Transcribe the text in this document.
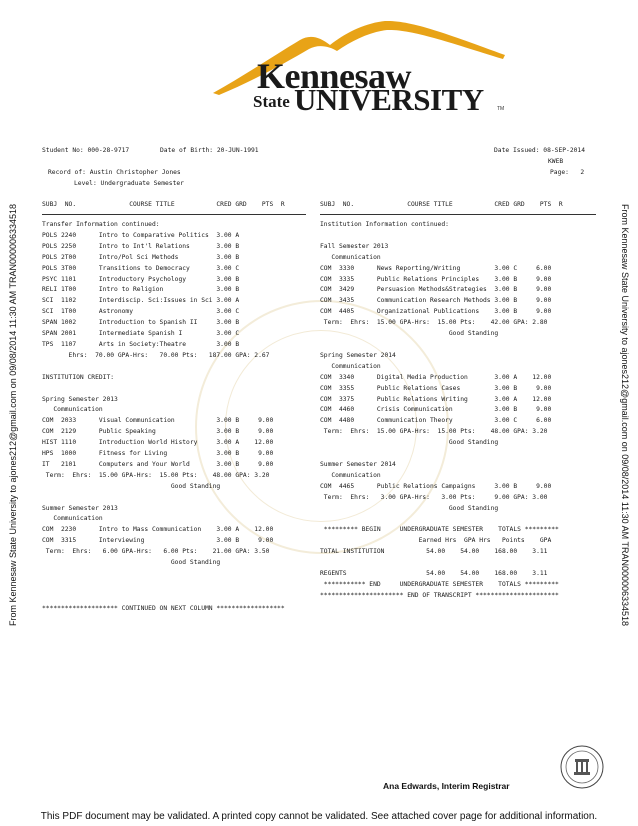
Kennesaw
State UNIVERSITY	TM
From Kennesaw State University to ajones212@gmail.com on 09/08/2014 11:30 AM TRAN000006334518	From Kennesaw State University to ajones212@gmail.com on 09/08/2014 11:30 AM TRAN000006334518
Student No: 000-28-9717	Date of Birth: 20-JUN-1991	Date Issued: 08-SEP-2014
KWEB
Record of: Austin Christopher Jones	Page:   2
Level: Undergraduate Semester
SUBJ  NO.              COURSE TITLE           CRED GRD    PTS  R	SUBJ  NO.              COURSE TITLE           CRED GRD    PTS  R
Transfer Information continued:
POLS 2240      Intro to Comparative Politics  3.00 A
POLS 2250      Intro to Int'l Relations       3.00 B
POLS 2T00      Intro/Pol Sci Methods          3.00 B
POLS 3T00      Transitions to Democracy       3.00 C
PSYC 1101      Introductory Psychology        3.00 B
RELI 1T00      Intro to Religion              3.00 B
SCI  1102      Interdiscip. Sci:Issues in Sci 3.00 A
SCI  1T00      Astronomy                      3.00 C
SPAN 1002      Introduction to Spanish II     3.00 B
SPAN 2001      Intermediate Spanish I         3.00 C
TPS  1107      Arts in Society:Theatre        3.00 B
Ehrs:  70.00 GPA-Hrs:   70.00 Pts:   187.00 GPA: 2.67

INSTITUTION CREDIT:

Spring Semester 2013
Communication
COM  2033      Visual Communication           3.00 B     9.00
COM  2129      Public Speaking                3.00 B     9.00
HIST 1110      Introduction World History     3.00 A    12.00
HPS  1000      Fitness for Living             3.00 B     9.00
IT   2101      Computers and Your World       3.00 B     9.00
Term:  Ehrs:  15.00 GPA-Hrs:  15.00 Pts:    48.00 GPA: 3.20
Good Standing

Summer Semester 2013
Communication
COM  2230      Intro to Mass Communication    3.00 A    12.00
COM  3315      Interviewing                   3.00 B     9.00
Term:  Ehrs:   6.00 GPA-Hrs:   6.00 Pts:    21.00 GPA: 3.50
Good Standing
Institution Information continued:

Fall Semester 2013
Communication
COM  3330      News Reporting/Writing         3.00 C     6.00
COM  3335      Public Relations Principles    3.00 B     9.00
COM  3429      Persuasion Methods&Strategies  3.00 B     9.00
COM  3435      Communication Research Methods 3.00 B     9.00
COM  4405      Organizational Publications    3.00 B     9.00
Term:  Ehrs:  15.00 GPA-Hrs:  15.00 Pts:    42.00 GPA: 2.80
Good Standing

Spring Semester 2014
Communication
COM  3340      Digital Media Production       3.00 A    12.00
COM  3355      Public Relations Cases         3.00 B     9.00
COM  3375      Public Relations Writing       3.00 A    12.00
COM  4460      Crisis Communication           3.00 B     9.00
COM  4480      Communication Theory           3.00 C     6.00
Term:  Ehrs:  15.00 GPA-Hrs:  15.00 Pts:    48.00 GPA: 3.20
Good Standing

Summer Semester 2014
Communication
COM  4465      Public Relations Campaigns     3.00 B     9.00
Term:  Ehrs:   3.00 GPA-Hrs:   3.00 Pts:     9.00 GPA: 3.00
Good Standing

********* BEGIN     UNDERGRADUATE SEMESTER    TOTALS *********
Earned Hrs  GPA Hrs   Points    GPA
TOTAL INSTITUTION           54.00    54.00    168.00    3.11

REGENTS                     54.00    54.00    168.00    3.11
*********** END     UNDERGRADUATE SEMESTER    TOTALS *********
********************** END OF TRANSCRIPT **********************
******************** CONTINUED ON NEXT COLUMN ******************
Ana Edwards, Interim Registrar
This PDF document may be validated. A printed copy cannot be validated. See attached cover page for additional information.
